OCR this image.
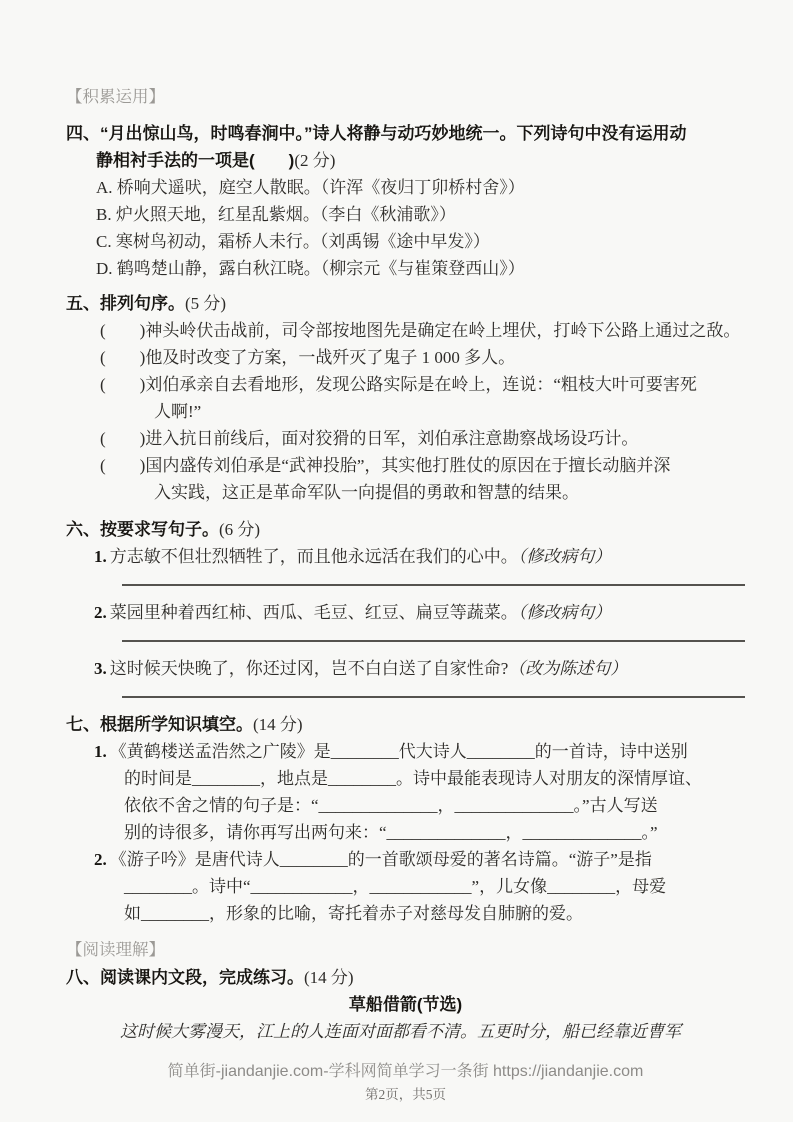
【积累运用】
四、“月出惊山鸟，时鸣春涧中。”诗人将静与动巧妙地统一。下列诗句中没有运用动
静相衬手法的一项是(　　)(2 分)
A. 桥响犬遥吠，庭空人散眠。（许浑《夜归丁卯桥村舍》）
B. 炉火照天地，红星乱紫烟。（李白《秋浦歌》）
C. 寒树鸟初动，霜桥人未行。（刘禹锡《途中早发》）
D. 鹤鸣楚山静，露白秋江晓。（柳宗元《与崔策登西山》）
五、排列句序。(5 分)
(　　)神头岭伏击战前，司令部按地图先是确定在岭上埋伏，打岭下公路上通过之敌。
(　　)他及时改变了方案，一战歼灭了鬼子 1 000 多人。
(　　)刘伯承亲自去看地形，发现公路实际是在岭上，连说：“粗枝大叶可要害死
人啊!”
(　　)进入抗日前线后，面对狡猾的日军，刘伯承注意勘察战场设巧计。
(　　)国内盛传刘伯承是“武神投胎”，其实他打胜仗的原因在于擅长动脑并深
入实践，这正是革命军队一向提倡的勇敢和智慧的结果。
六、按要求写句子。(6 分)
1. 方志敏不但壮烈牺牲了，而且他永远活在我们的心中。（修改病句）
2. 菜园里种着西红柿、西瓜、毛豆、红豆、扁豆等蔬菜。（修改病句）
3. 这时候天快晚了，你还过冈，岂不白白送了自家性命?（改为陈述句）
七、根据所学知识填空。(14 分)
1. 《黄鹤楼送孟浩然之广陵》是________代大诗人________的一首诗，诗中送别
的时间是________，地点是________。诗中最能表现诗人对朋友的深情厚谊、
依依不舍之情的句子是：“______________，______________。”古人写送
别的诗很多，请你再写出两句来：“______________，______________。”
2. 《游子吟》是唐代诗人________的一首歌颂母爱的著名诗篇。“游子”是指
________。诗中“____________，____________”，儿女像________，母爱
如________，形象的比喻，寄托着赤子对慈母发自肺腑的爱。
【阅读理解】
八、阅读课内文段，完成练习。(14 分)
草船借箭(节选)
这时候大雾漫天，江上的人连面对面都看不清。五更时分，船已经靠近曹军
简单街-jiandanjie.com-学科网简单学习一条街 https://jiandanjie.com
第2页，共5页
